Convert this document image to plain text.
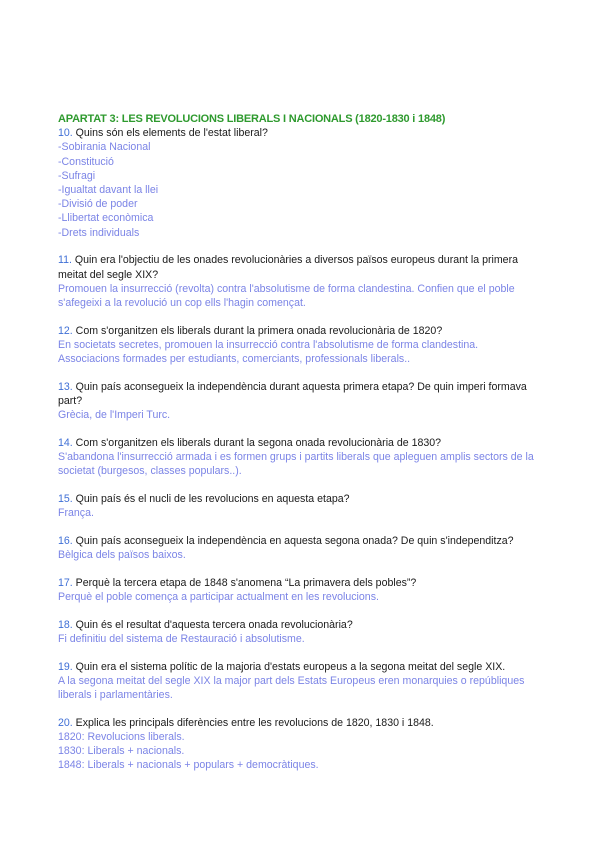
APARTAT 3: LES REVOLUCIONS LIBERALS I NACIONALS (1820-1830 i 1848)
10. Quins són els elements de l'estat liberal?
-Sobirania Nacional
-Constitució
-Sufragi
-Igualtat davant la llei
-Divisió de poder
-Llibertat econòmica
-Drets individuals
11. Quin era l'objectiu de les onades revolucionàries a diversos països europeus durant la primera meitat del segle XIX?
Promouen la insurrecció (revolta) contra l'absolutisme de forma clandestina. Confien que el poble s'afegeixi a la revolució un cop ells l'hagin començat.
12. Com s'organitzen els liberals durant la primera onada revolucionària de 1820?
En societats secretes, promouen la insurrecció contra l'absolutisme de forma clandestina.
Associacions formades per estudiants, comerciants, professionals liberals..
13. Quin país aconsegueix la independència durant aquesta primera etapa? De quin imperi formava part?
Grècia, de l'Imperi Turc.
14. Com s'organitzen els liberals durant la segona onada revolucionària de 1830?
S'abandona l'insurrecció armada i es formen grups i partits liberals que apleguen amplis sectors de la societat (burgesos, classes populars..).
15. Quin país és el nucli de les revolucions en aquesta etapa?
França.
16. Quin país aconsegueix la independència en aquesta segona onada? De quin s'independitza?
Bèlgica dels països baixos.
17. Perquè la tercera etapa de 1848 s'anomena “La primavera dels pobles”?
Perquè el poble comença a participar actualment en les revolucions.
18. Quin és el resultat d'aquesta tercera onada revolucionària?
Fi definitiu del sistema de Restauració i absolutisme.
19. Quin era el sistema polític de la majoria d'estats europeus a la segona meitat del segle XIX.
A la segona meitat del segle XIX la major part dels Estats Europeus eren monarquies o repúbliques liberals i parlamentàries.
20. Explica les principals diferències entre les revolucions de 1820, 1830 i 1848.
1820: Revolucions liberals.
1830: Liberals + nacionals.
1848: Liberals + nacionals + populars + democràtiques.
